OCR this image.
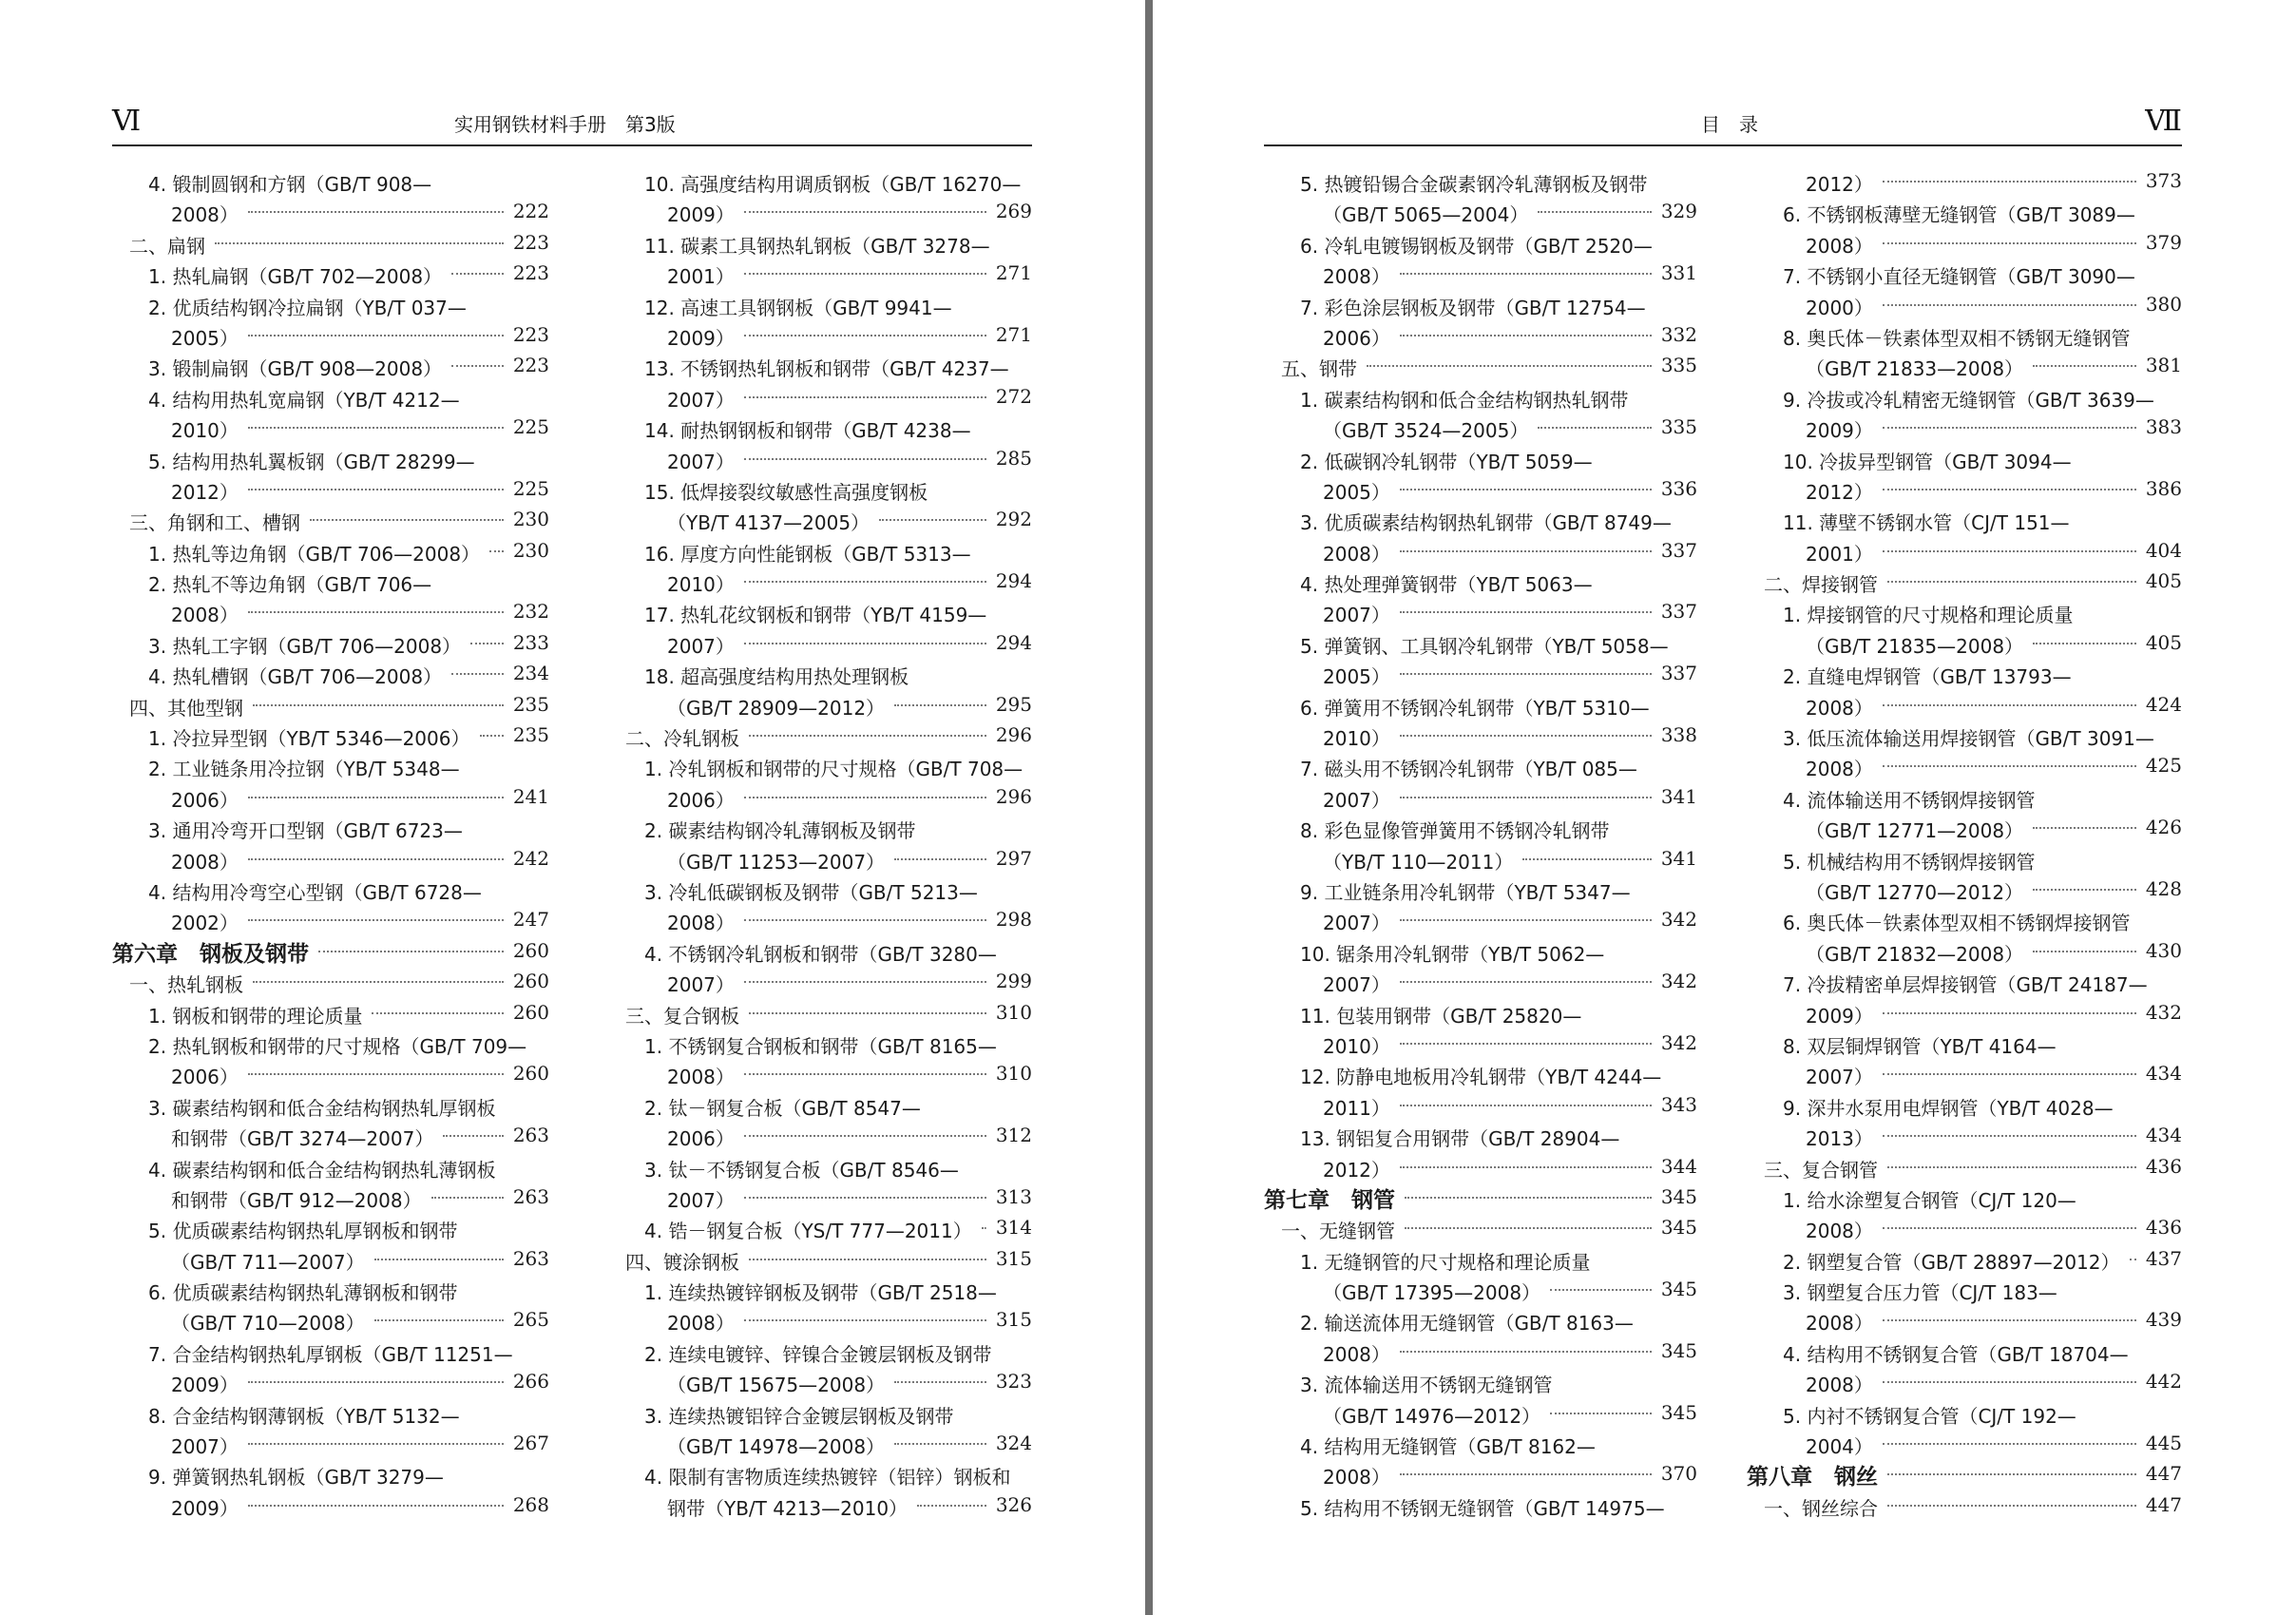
Ⅵ	实用钢铁材料手册　第3版
4. 锻制圆钢和方钢（GB/T 908—
2008）	222
二、扁钢	223
1. 热轧扁钢（GB/T 702—2008）	223
2. 优质结构钢冷拉扁钢（YB/T 037—
2005）	223
3. 锻制扁钢（GB/T 908—2008）	223
4. 结构用热轧宽扁钢（YB/T 4212—
2010）	225
5. 结构用热轧翼板钢（GB/T 28299—
2012）	225
三、角钢和工、槽钢	230
1. 热轧等边角钢（GB/T 706—2008） 230
2. 热轧不等边角钢（GB/T 706—
2008）	232
3. 热轧工字钢（GB/T 706—2008）	233
4. 热轧槽钢（GB/T 706—2008）	234
四、其他型钢	235
1. 冷拉异型钢（YB/T 5346—2006） 235
2. 工业链条用冷拉钢（YB/T 5348—
2006）	241
3. 通用冷弯开口型钢（GB/T 6723—
2008）	242
4. 结构用冷弯空心型钢（GB/T 6728—
2002）	247
第六章　钢板及钢带	260
一、热轧钢板	260
1. 钢板和钢带的理论质量	260
2. 热轧钢板和钢带的尺寸规格（GB/T 709—
2006）	260
3. 碳素结构钢和低合金结构钢热轧厚钢板
和钢带（GB/T 3274—2007）	263
4. 碳素结构钢和低合金结构钢热轧薄钢板
和钢带（GB/T 912—2008）	263
5. 优质碳素结构钢热轧厚钢板和钢带
（GB/T 711—2007）	263
6. 优质碳素结构钢热轧薄钢板和钢带
（GB/T 710—2008）	265
7. 合金结构钢热轧厚钢板（GB/T 11251—
2009）	266
8. 合金结构钢薄钢板（YB/T 5132—
2007）	267
9. 弹簧钢热轧钢板（GB/T 3279—
2009）	268
10. 高强度结构用调质钢板（GB/T 16270—
2009）	269
11. 碳素工具钢热轧钢板（GB/T 3278—
2001）	271
12. 高速工具钢钢板（GB/T 9941—
2009）	271
13. 不锈钢热轧钢板和钢带（GB/T 4237—
2007）	272
14. 耐热钢钢板和钢带（GB/T 4238—
2007）	285
15. 低焊接裂纹敏感性高强度钢板
（YB/T 4137—2005）	292
16. 厚度方向性能钢板（GB/T 5313—
2010）	294
17. 热轧花纹钢板和钢带（YB/T 4159—
2007）	294
18. 超高强度结构用热处理钢板
（GB/T 28909—2012）	295
二、冷轧钢板	296
1. 冷轧钢板和钢带的尺寸规格（GB/T 708—
2006）	296
2. 碳素结构钢冷轧薄钢板及钢带
（GB/T 11253—2007）	297
3. 冷轧低碳钢板及钢带（GB/T 5213—
2008）	298
4. 不锈钢冷轧钢板和钢带（GB/T 3280—
2007）	299
三、复合钢板	310
1. 不锈钢复合钢板和钢带（GB/T 8165—
2008）	310
2. 钛－钢复合板（GB/T 8547—
2006）	312
3. 钛－不锈钢复合板（GB/T 8546—
2007）	313
4. 锆－钢复合板（YS/T 777—2011） 314
四、镀涂钢板	315
1. 连续热镀锌钢板及钢带（GB/T 2518—
2008）	315
2. 连续电镀锌、锌镍合金镀层钢板及钢带
（GB/T 15675—2008）	323
3. 连续热镀铝锌合金镀层钢板及钢带
（GB/T 14978—2008）	324
4. 限制有害物质连续热镀锌（铝锌）钢板和
钢带（YB/T 4213—2010）	326
目　录	Ⅶ
5. 热镀铅锡合金碳素钢冷轧薄钢板及钢带
（GB/T 5065—2004）	329
6. 冷轧电镀锡钢板及钢带（GB/T 2520—
2008）	331
7. 彩色涂层钢板及钢带（GB/T 12754—
2006）	332
五、钢带	335
1. 碳素结构钢和低合金结构钢热轧钢带
（GB/T 3524—2005）	335
2. 低碳钢冷轧钢带（YB/T 5059—
2005）	336
3. 优质碳素结构钢热轧钢带（GB/T 8749—
2008）	337
4. 热处理弹簧钢带（YB/T 5063—
2007）	337
5. 弹簧钢、工具钢冷轧钢带（YB/T 5058—
2005）	337
6. 弹簧用不锈钢冷轧钢带（YB/T 5310—
2010）	338
7. 磁头用不锈钢冷轧钢带（YB/T 085—
2007）	341
8. 彩色显像管弹簧用不锈钢冷轧钢带
（YB/T 110—2011）	341
9. 工业链条用冷轧钢带（YB/T 5347—
2007）	342
10. 锯条用冷轧钢带（YB/T 5062—
2007）	342
11. 包装用钢带（GB/T 25820—
2010）	342
12. 防静电地板用冷轧钢带（YB/T 4244—
2011）	343
13. 钢铝复合用钢带（GB/T 28904—
2012）	344
第七章　钢管	345
一、无缝钢管	345
1. 无缝钢管的尺寸规格和理论质量
（GB/T 17395—2008）	345
2. 输送流体用无缝钢管（GB/T 8163—
2008）	345
3. 流体输送用不锈钢无缝钢管
（GB/T 14976—2012）	345
4. 结构用无缝钢管（GB/T 8162—
2008）	370
5. 结构用不锈钢无缝钢管（GB/T 14975—
2012）	373
6. 不锈钢板薄壁无缝钢管（GB/T 3089—
2008）	379
7. 不锈钢小直径无缝钢管（GB/T 3090—
2000）	380
8. 奥氏体－铁素体型双相不锈钢无缝钢管
（GB/T 21833—2008）	381
9. 冷拔或冷轧精密无缝钢管（GB/T 3639—
2009）	383
10. 冷拔异型钢管（GB/T 3094—
2012）	386
11. 薄壁不锈钢水管（CJ/T 151—
2001）	404
二、焊接钢管	405
1. 焊接钢管的尺寸规格和理论质量
（GB/T 21835—2008）	405
2. 直缝电焊钢管（GB/T 13793—
2008）	424
3. 低压流体输送用焊接钢管（GB/T 3091—
2008）	425
4. 流体输送用不锈钢焊接钢管
（GB/T 12771—2008）	426
5. 机械结构用不锈钢焊接钢管
（GB/T 12770—2012）	428
6. 奥氏体－铁素体型双相不锈钢焊接钢管
（GB/T 21832—2008）	430
7. 冷拔精密单层焊接钢管（GB/T 24187—
2009）	432
8. 双层铜焊钢管（YB/T 4164—
2007）	434
9. 深井水泵用电焊钢管（YB/T 4028—
2013）	434
三、复合钢管	436
1. 给水涂塑复合钢管（CJ/T 120—
2008）	436
2. 钢塑复合管（GB/T 28897—2012） 437
3. 钢塑复合压力管（CJ/T 183—
2008）	439
4. 结构用不锈钢复合管（GB/T 18704—
2008）	442
5. 内衬不锈钢复合管（CJ/T 192—
2004）	445
第八章　钢丝	447
一、钢丝综合	447
